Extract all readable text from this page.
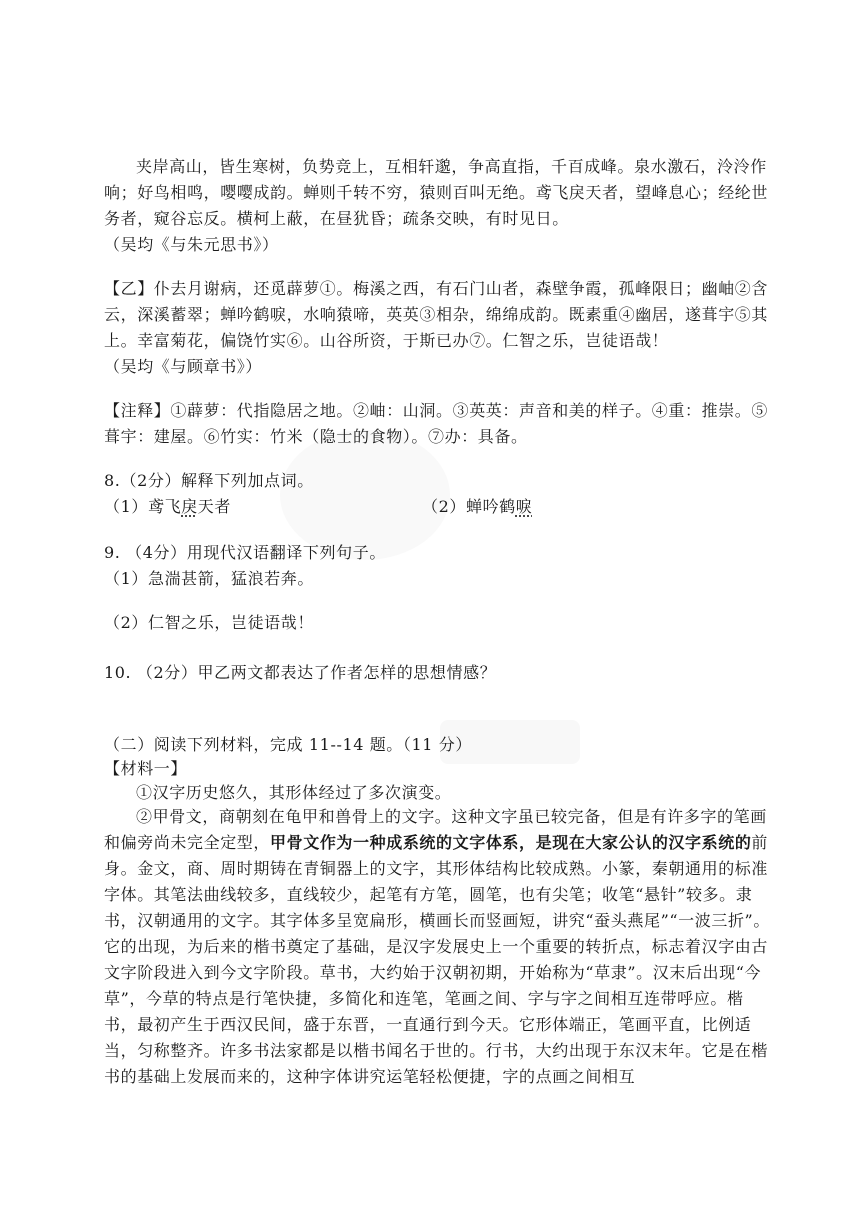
夹岸高山，皆生寒树，负势竞上，互相轩邈，争高直指，千百成峰。泉水激石，泠泠作响；好鸟相鸣，嘤嘤成韵。蝉则千转不穷，猿则百叫无绝。鸢飞戾天者，望峰息心；经纶世务者，窥谷忘反。横柯上蔽，在昼犹昏；疏条交映，有时见日。
（吴均《与朱元思书》）
【乙】仆去月谢病，还觅薜萝①。梅溪之西，有石门山者，森壁争霞，孤峰限日；幽岫②含云，深溪蓄翠；蝉吟鹤唳，水响猿啼，英英③相杂，绵绵成韵。既素重④幽居，遂葺宇⑤其上。幸富菊花，偏饶竹实⑥。山谷所资，于斯已办⑦。仁智之乐，岂徒语哉！
（吴均《与顾章书》）
【注释】①薜萝：代指隐居之地。②岫：山洞。③英英：声音和美的样子。④重：推崇。⑤葺宇：建屋。⑥竹实：竹米（隐士的食物）。⑦办：具备。
8.（2分）解释下列加点词。
（1）鸢飞戾天者	（2）蝉吟鹤唳
9. （4分）用现代汉语翻译下列句子。
（1）急湍甚箭，猛浪若奔。
（2）仁智之乐，岂徒语哉！
10. （2分）甲乙两文都表达了作者怎样的思想情感？
（二）阅读下列材料，完成 11--14 题。（11 分）
【材料一】
①汉字历史悠久，其形体经过了多次演变。
②甲骨文，商朝刻在龟甲和兽骨上的文字。这种文字虽已较完备，但是有许多字的笔画和偏旁尚未完全定型，甲骨文作为一种成系统的文字体系，是现在大家公认的汉字系统的前身。金文，商、周时期铸在青铜器上的文字，其形体结构比较成熟。小篆，秦朝通用的标准字体。其笔法曲线较多，直线较少，起笔有方笔，圆笔，也有尖笔；收笔“悬针”较多。隶书，汉朝通用的文字。其字体多呈宽扁形，横画长而竖画短，讲究“蚕头燕尾”“一波三折”。它的出现，为后来的楷书奠定了基础，是汉字发展史上一个重要的转折点，标志着汉字由古文字阶段进入到今文字阶段。草书，大约始于汉朝初期，开始称为“草隶”。汉末后出现“今草”，今草的特点是行笔快捷，多简化和连笔，笔画之间、字与字之间相互连带呼应。楷书，最初产生于西汉民间，盛于东晋，一直通行到今天。它形体端正，笔画平直，比例适当，匀称整齐。许多书法家都是以楷书闻名于世的。行书，大约出现于东汉末年。它是在楷书的基础上发展而来的，这种字体讲究运笔轻松便捷，字的点画之间相互
